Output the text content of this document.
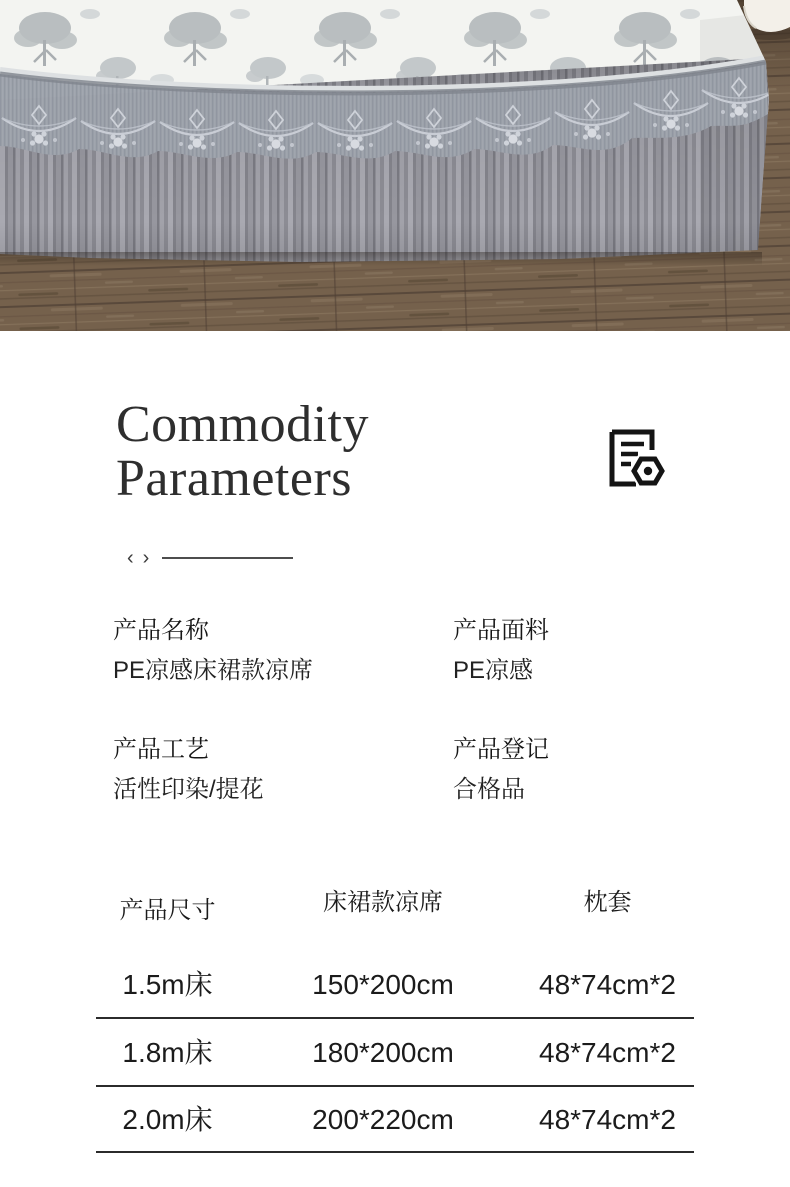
Commodity
Parameters
‹ ›
产品名称
PE凉感床裙款凉席
产品面料
PE凉感
产品工艺
活性印染/提花
产品登记
合格品
产品尺寸	床裙款凉席	枕套
1.5m床	150*200cm	48*74cm*2
1.8m床	180*200cm	48*74cm*2
2.0m床	200*220cm	48*74cm*2
